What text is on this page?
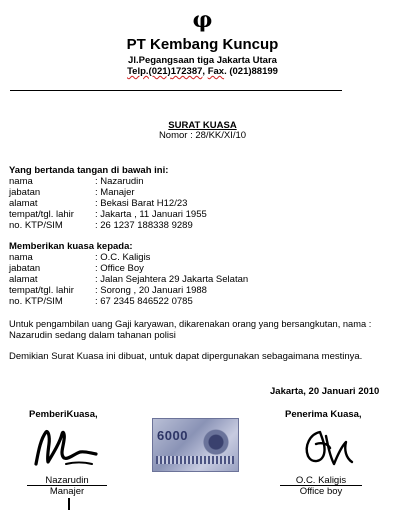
φ
PT Kembang Kuncup
Jl.Pegangsaan tiga Jakarta Utara
Telp.(021)172387, Fax. (021)88199
SURAT KUASA
Nomor : 28/KK/XI/10
Yang bertanda tangan di bawah ini:
nama	: Nazarudin
jabatan	: Manajer
alamat	: Bekasi Barat H12/23
tempat/tgl. lahir : Jakarta , 11 Januari 1955
no. KTP/SIM	: 26 1237 188338 9289
Memberikan kuasa kepada:
nama	: O.C. Kaligis
jabatan	: Office Boy
alamat	: Jalan Sejahtera 29 Jakarta Selatan
tempat/tgl. lahir : Sorong , 20 Januari 1988
no. KTP/SIM	: 67 2345 846522 0785
Untuk pengambilan uang Gaji karyawan, dikarenakan orang yang bersangkutan, nama :
Nazarudin sedang dalam tahanan polisi
Demikian Surat Kuasa ini dibuat, untuk dapat dipergunakan sebagaimana mestinya.
Jakarta, 20 Januari 2010
PemberiKuasa,	Penerima Kuasa,
6000
Nazarudin
Manajer
O.C. Kaligis
Office boy
